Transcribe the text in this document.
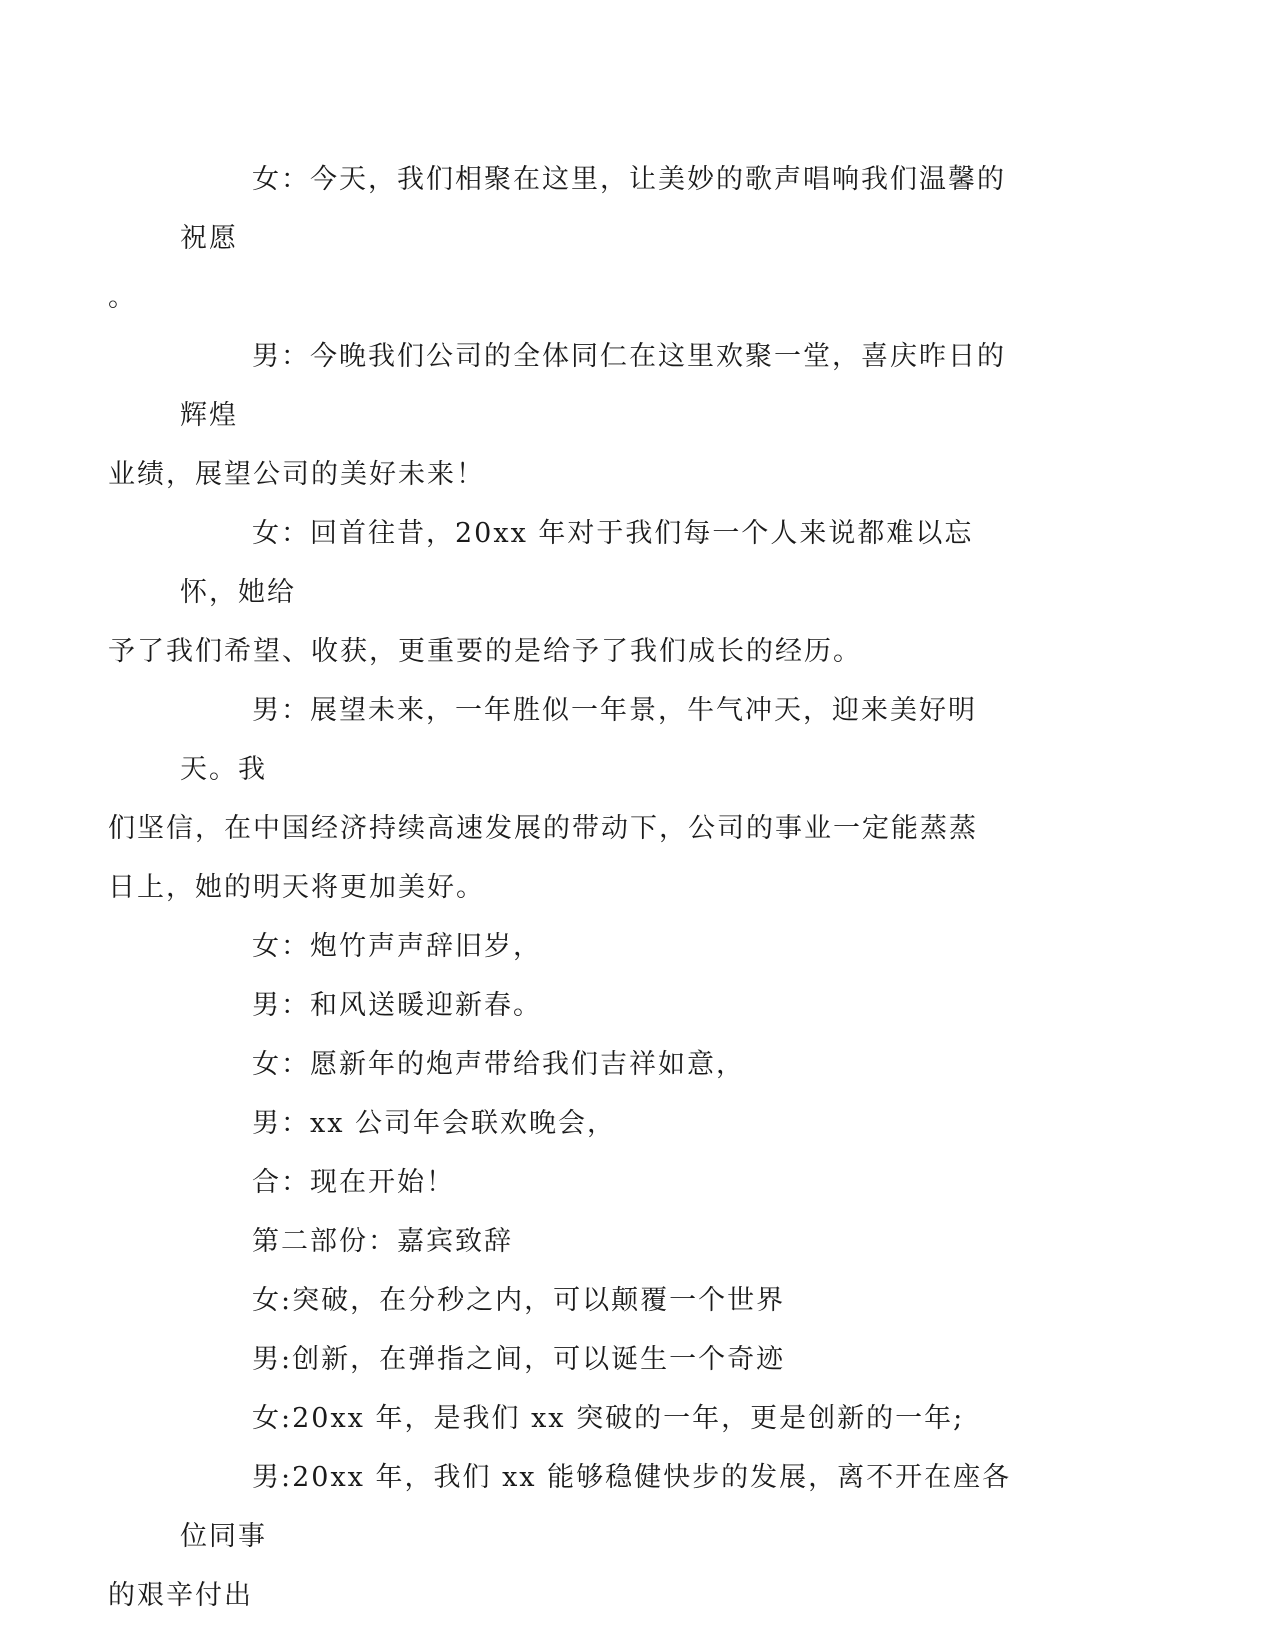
女：今天，我们相聚在这里，让美妙的歌声唱响我们温馨的祝愿
。

男：今晚我们公司的全体同仁在这里欢聚一堂，喜庆昨日的辉煌
业绩，展望公司的美好未来！

女：回首往昔，20xx 年对于我们每一个人来说都难以忘怀，她给
予了我们希望、收获，更重要的是给予了我们成长的经历。

男：展望未来，一年胜似一年景，牛气冲天，迎来美好明天。我
们坚信，在中国经济持续高速发展的带动下，公司的事业一定能蒸蒸
日上，她的明天将更加美好。

女：炮竹声声辞旧岁，

男：和风送暖迎新春。

女：愿新年的炮声带给我们吉祥如意，

男：xx 公司年会联欢晚会，

合：现在开始！

第二部份：嘉宾致辞

女:突破，在分秒之内，可以颠覆一个世界

男:创新，在弹指之间，可以诞生一个奇迹

女:20xx 年，是我们 xx 突破的一年，更是创新的一年;

男:20xx 年，我们 xx 能够稳健快步的发展，离不开在座各位同事
的艰辛付出
